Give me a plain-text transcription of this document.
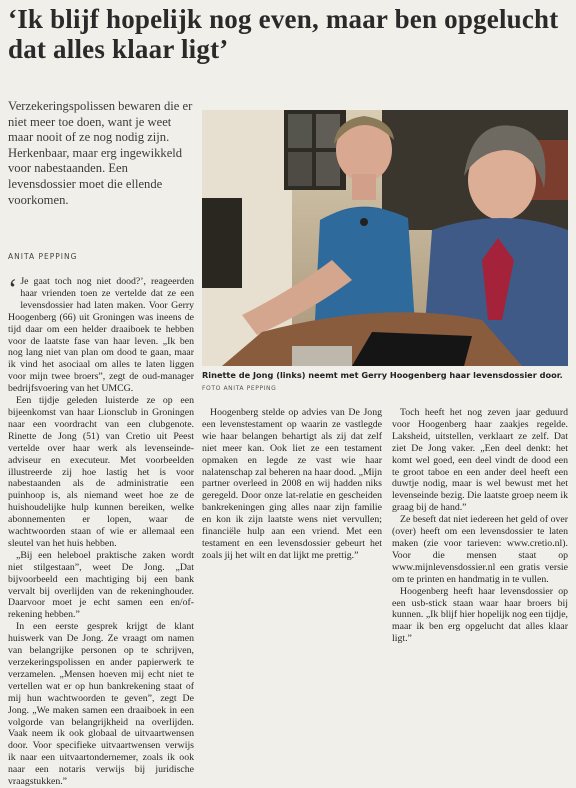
‘Ik blijf hopelijk nog even, maar ben opgelucht dat alles klaar ligt’

Verzekeringspolissen bewaren die er niet meer toe doen, want je weet maar nooit of ze nog nodig zijn. Herkenbaar, maar erg ingewikkeld voor nabestaanden. Een levensdossier moet die ellende voorkomen.

ANITA PEPPING

Rinette de Jong (links) neemt met Gerry Hoogenberg haar levensdossier door.

FOTO ANITA PEPPING

‘ Je gaat toch nog niet dood?’, reageerden haar vrienden toen ze vertelde dat ze een levensdossier had laten maken. Voor Gerry Hoogenberg (66) uit Groningen was ineens de tijd daar om een helder draaiboek te hebben voor de laatste fase van haar leven. „Ik ben nog lang niet van plan om dood te gaan, maar ik vind het asociaal om alles te laten liggen voor mijn twee broers”, zegt de oud-manager bedrijfsvoering van het UMCG.

Een tijdje geleden luisterde ze op een bijeenkomst van haar Lionsclub in Groningen naar een voordracht van een clubgenote. Rinette de Jong (51) van Cretio uit Peest vertelde over haar werk als levenseinde-adviseur en executeur. Met voorbeelden illustreerde zij hoe lastig het is voor nabestaanden als de administratie een puinhoop is, als niemand weet hoe ze de huishoudelijke hulp kunnen bereiken, welke abonnementen er lopen, waar de wachtwoorden staan of wie er allemaal een sleutel van het huis hebben.

„Bij een heleboel praktische zaken wordt niet stilgestaan”, weet De Jong. „Dat bijvoorbeeld een machtiging bij een bank vervalt bij overlijden van de rekeninghouder. Daarvoor moet je echt samen een en/of-rekening hebben.”

In een eerste gesprek krijgt de klant huiswerk van De Jong. Ze vraagt om namen van belangrijke personen op te schrijven, verzekeringspolissen en ander papierwerk te verzamelen. „Mensen hoeven mij echt niet te vertellen wat er op hun bankrekening staat of mij hun wachtwoorden te geven”, zegt De Jong. „We maken samen een draaiboek in een volgorde van belangrijkheid na overlijden. Vaak neem ik ook globaal de uitvaartwensen door. Voor specifieke uitvaartwensen verwijs ik naar een uitvaartondernemer, zoals ik ook naar een notaris verwijs bij juridische vraagstukken.”

Hoogenberg stelde op advies van De Jong een levenstestament op waarin ze vastlegde wie haar belangen behartigt als zij dat zelf niet meer kan. Ook liet ze een testament opmaken en legde ze vast wie haar nalatenschap zal beheren na haar dood. „Mijn partner overleed in 2008 en wij hadden niks geregeld. Door onze lat-relatie en gescheiden bankrekeningen ging alles naar zijn familie en kon ik zijn laatste wens niet vervullen; financiële hulp aan een vriend. Met een testament en een levensdossier gebeurt het zoals jij het wilt en dat lijkt me prettig.”

Toch heeft het nog zeven jaar geduurd voor Hoogenberg haar zaakjes regelde. Laksheid, uitstellen, verklaart ze zelf. Dat ziet De Jong vaker. „Een deel denkt: het komt wel goed, een deel vindt de dood een te groot taboe en een ander deel heeft een duwtje nodig, maar is wel bewust met het levenseinde bezig. Die laatste groep neem ik graag bij de hand.”

Ze beseft dat niet iedereen het geld of over (over) heeft om een levensdossier te laten maken (zie voor tarieven: www.cretio.nl). Voor die mensen staat op www.mijnlevensdossier.nl een gratis versie om te printen en handmatig in te vullen.

Hoogenberg heeft haar levensdossier op een usb-stick staan waar haar broers bij kunnen. „Ik blijf hier hopelijk nog een tijdje, maar ik ben erg opgelucht dat alles klaar ligt.”
